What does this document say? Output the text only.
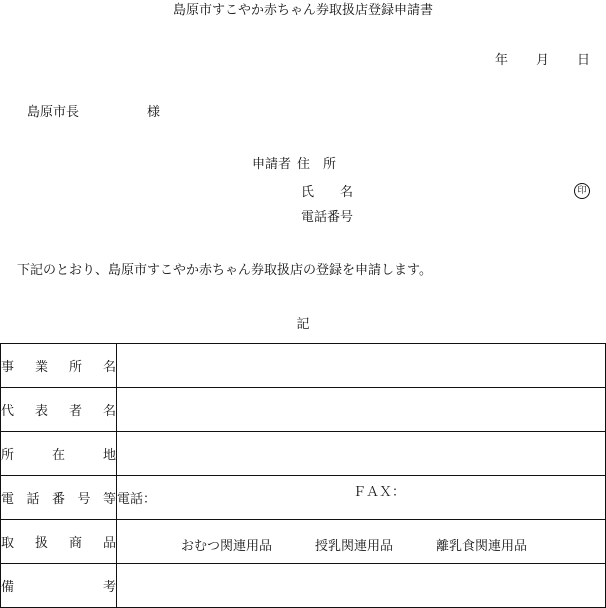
島原市すこやか赤ちゃん券取扱店登録申請書
年 月 日
島原市長	様
申請者 住　所
氏　　名	印
電話番号
下記のとおり、島原市すこやか赤ちゃん券取扱店の登録を申請します。
記
事 業 所 名	

代 表 者 名	

所 在 地	

電 話 番 号 等	電話： ＦＡＸ：

取 扱 商 品	おむつ関連用品 授乳関連用品 離乳食関連用品

備 考	
